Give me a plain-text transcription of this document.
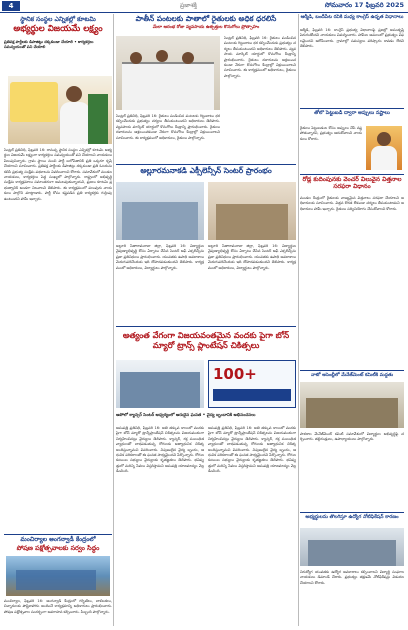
4	ప్రజాశక్తి	సోమవారం 17 ఫిబ్రవరి 2025
స్థానిక సంస్థల ఎన్నికల్లో కూటమి
అభ్యర్థుల విజయమే లక్ష్యం
ప్రతిపక్ష పార్టీలకు డిపాజిట్లు దక్కకుండా చేయాలి • కార్యకర్తలు సమన్వయంతో పని చేయాలి
సెంట్రల్ ప్రతినిధి, ఫిబ్రవరి 16: రానున్న స్థానిక సంస్థల ఎన్నికల్లో కూటమి అభ్యర్థుల విజయమే లక్ష్యంగా కార్యకర్తలు సమన్వయంతో పని చేయాలని నాయకులు పిలుపునిచ్చారు. గ్రామ స్థాయి నుంచి పార్టీ బలోపేతానికి ప్రతి ఒక్కరూ కృషి చేయాలని సూచించారు. ప్రతిపక్ష పార్టీలకు డిపాజిట్లు దక్కకుండా ప్రతి ఓటరును కలిసి ప్రభుత్వ సంక్షేమ పథకాలను వివరించాలని కోరారు. సమావేశంలో మండల నాయకులు, కార్యకర్తలు పెద్ద సంఖ్యలో పాల్గొన్నారు. రాష్ట్రంలో అభివృద్ధి సంక్షేమ కార్యక్రమాలు సమాంతరంగా అమలవుతున్నాయని, ప్రజలు కూటమి ప్రభుత్వానికి అండగా నిలవాలని తెలిపారు. ఈ కార్యక్రమంలో పలువురు నాయకులు పాల్గొని మాట్లాడారు. పార్టీ కోసం కష్టపడిన ప్రతి కార్యకర్తకు గుర్తింపు ఉంటుందని హామీ ఇచ్చారు.
మంచిర్యాల అంగన్వాడీ కేంద్రంలో
పోషణ పక్షోత్సవాలకు సర్వం సిద్ధం
మంచిర్యాల, ఫిబ్రవరి 16: అంగన్వాడీ కేంద్రంలో గర్భిణీలు, బాలింతలు, చిన్నారులకు పౌష్టికాహారం అందించే కార్యక్రమాన్ని అధికారులు ప్రారంభించారు. పోషణ పక్షోత్సవాల సందర్భంగా అవగాహన కల్పించారు. సిబ్బంది పాల్గొన్నారు.
పాతీన్ పంటలకు పాతాలో రైతులకు అధిక ధరలిసే
మేలా ఆరంభ రోజు వ్యవసాయ ఉత్పత్తుల కొనుగోలు ప్రోత్సాహం
సెంట్రల్ ప్రతినిధి, ఫిబ్రవరి 16: రైతులు పండించిన పంటలకు గిట్టుబాటు ధర కల్పించేందుకు ప్రభుత్వం చర్యలు తీసుకుంటుందని అధికారులు తెలిపారు. వ్యవసాయ మార్కెట్ యార్డులో కొనుగోలు కేంద్రాన్ని ప్రారంభించారు. రైతులు దళారులను ఆశ్రయించకుండా నేరుగా కొనుగోలు కేంద్రాల్లో విక్రయించాలని సూచించారు. ఈ కార్యక్రమంలో అధికారులు, రైతులు పాల్గొన్నారు.
సెంట్రల్ ప్రతినిధి, ఫిబ్రవరి 16: రైతులు పండించిన పంటలకు గిట్టుబాటు ధర కల్పించేందుకు ప్రభుత్వం చర్యలు తీసుకుంటుందని అధికారులు తెలిపారు. వ్యవసాయ మార్కెట్ యార్డులో కొనుగోలు కేంద్రాన్ని ప్రారంభించారు. రైతులు దళారులను ఆశ్రయించకుండా నేరుగా కొనుగోలు కేంద్రాల్లో విక్రయించాలని సూచించారు. ఈ కార్యక్రమంలో అధికారులు, రైతులు పాల్గొన్నారు.
అల్లూరమనాకడి ఎక్సీలెన్సీన్ సెంటర్ ప్రారంభం
అల్లూరి సీతారామరాజు జిల్లా, ఫిబ్రవరి 16: విద్యార్థుల నైపుణ్యాభివృద్ధి కోసం ఏర్పాటు చేసిన సెంటర్ ఆఫ్ ఎక్సలెన్స్‌ను ప్రజా ప్రతినిధులు ప్రారంభించారు. యువతకు ఉపాధి అవకాశాలు మెరుగుపరిచేందుకు ఇది దోహదపడుతుందని తెలిపారు. కార్యక్రమంలో అధికారులు, విద్యార్థులు పాల్గొన్నారు.
అల్లూరి సీతారామరాజు జిల్లా, ఫిబ్రవరి 16: విద్యార్థుల నైపుణ్యాభివృద్ధి కోసం ఏర్పాటు చేసిన సెంటర్ ఆఫ్ ఎక్సలెన్స్‌ను ప్రజా ప్రతినిధులు ప్రారంభించారు. యువతకు ఉపాధి అవకాశాలు మెరుగుపరిచేందుకు ఇది దోహదపడుతుందని తెలిపారు. కార్యక్రమంలో అధికారులు, విద్యార్థులు పాల్గొన్నారు.
అత్యంత వేగంగా విజయవంతమైన వందకు పైగా బోన్ మ్యారో ట్రాన్స్ ప్లాంటేషన్ చికిత్సలు
100+
అపోలో క్యాన్సర్ సెంటర్ ఆధ్వర్యంలో అరుదైన ఘనత • వైద్య బృందానికి అభినందనలు
ఆసుపత్రి ప్రతినిధి, ఫిబ్రవరి 16: అతి తక్కువ కాలంలో వందకు పైగా బోన్ మ్యారో ట్రాన్స్‌ప్లాంటేషన్ చికిత్సలను విజయవంతంగా నిర్వహించినట్లు వైద్యులు తెలిపారు. క్యాన్సర్, రక్త సంబంధిత వ్యాధులతో బాధపడుతున్న రోగులకు అత్యాధునిక చికిత్స అందిస్తున్నామని వివరించారు. నిపుణులైన వైద్య బృందం, ఆధునిక పరికరాలతో ఈ ఘనత సాధ్యమైందని పేర్కొన్నారు. రోగుల కుటుంబ సభ్యులు వైద్యులకు కృతజ్ఞతలు తెలిపారు. భవిష్యత్తులో మరిన్ని సేవలు విస్తరిస్తామని ఆసుపత్రి యాజమాన్యం వెల్లడించింది.
ఆసుపత్రి ప్రతినిధి, ఫిబ్రవరి 16: అతి తక్కువ కాలంలో వందకు పైగా బోన్ మ్యారో ట్రాన్స్‌ప్లాంటేషన్ చికిత్సలను విజయవంతంగా నిర్వహించినట్లు వైద్యులు తెలిపారు. క్యాన్సర్, రక్త సంబంధిత వ్యాధులతో బాధపడుతున్న రోగులకు అత్యాధునిక చికిత్స అందిస్తున్నామని వివరించారు. నిపుణులైన వైద్య బృందం, ఆధునిక పరికరాలతో ఈ ఘనత సాధ్యమైందని పేర్కొన్నారు. రోగుల కుటుంబ సభ్యులు వైద్యులకు కృతజ్ఞతలు తెలిపారు. భవిష్యత్తులో మరిన్ని సేవలు విస్తరిస్తామని ఆసుపత్రి యాజమాన్యం వెల్లడించింది.
ఆర్మీడి, బందీపేట రవికి మధ్య కాంగ్రెస్ ఉధృత విధానాలు
ఆర్మీడి, ఫిబ్రవరి 16: కాంగ్రెస్ ప్రభుత్వ విధానాలపై ప్రజల్లో అసంతృప్తి పెరుగుతోందని నాయకులు విమర్శించారు. హామీల అమలులో ప్రభుత్వం విఫలమైందని ఆరోపించారు. గ్రామాల్లో సమస్యలు పరిష్కారం కావడం లేదని తెలిపారు.
తోలొ పెట్టుబడి ద్వారా అప్పులు నష్టాలు
రైతులు పెట్టుబడుల కోసం అప్పులు చేసి నష్టపోతున్నారని, ప్రభుత్వం ఆదుకోవాలని నాయకులు కోరారు.
రోడ్ల కుదింపునకు వెంచర్ విలువైన విత్తనాల సరఫరా విధానం
మండల కేంద్రంలో రైతులకు నాణ్యమైన విత్తనాలు సరఫరా చేయాలని అధికారులకు సూచించారు. విత్తన కొరత లేకుండా చర్యలు తీసుకుంటామని అధికారులు హామీ ఇచ్చారు. రైతులు సద్వినియోగం చేసుకోవాలని కోరారు.
నాటో అసెంబ్లీలో మేనేజ్‌మెంట్ కమిటీకి మద్దతు
పాఠశాల మేనేజ్‌మెంట్ కమిటీ సమావేశంలో విద్యార్థుల అభివృద్ధిపై చర్చించారు. తల్లిదండ్రులు, ఉపాధ్యాయులు పాల్గొన్నారు.
అభ్యర్థులను తొలగిస్తూ ఉద్యోగ నోటిఫికేషన్ కారణం
నిరుద్యోగ యువతకు ఉద్యోగ అవకాశాలు కల్పించాలని విద్యార్థి సంఘాల నాయకులు డిమాండ్ చేశారు. ప్రభుత్వం తక్షణమే నోటిఫికేషన్లు విడుదల చేయాలని కోరారు.
